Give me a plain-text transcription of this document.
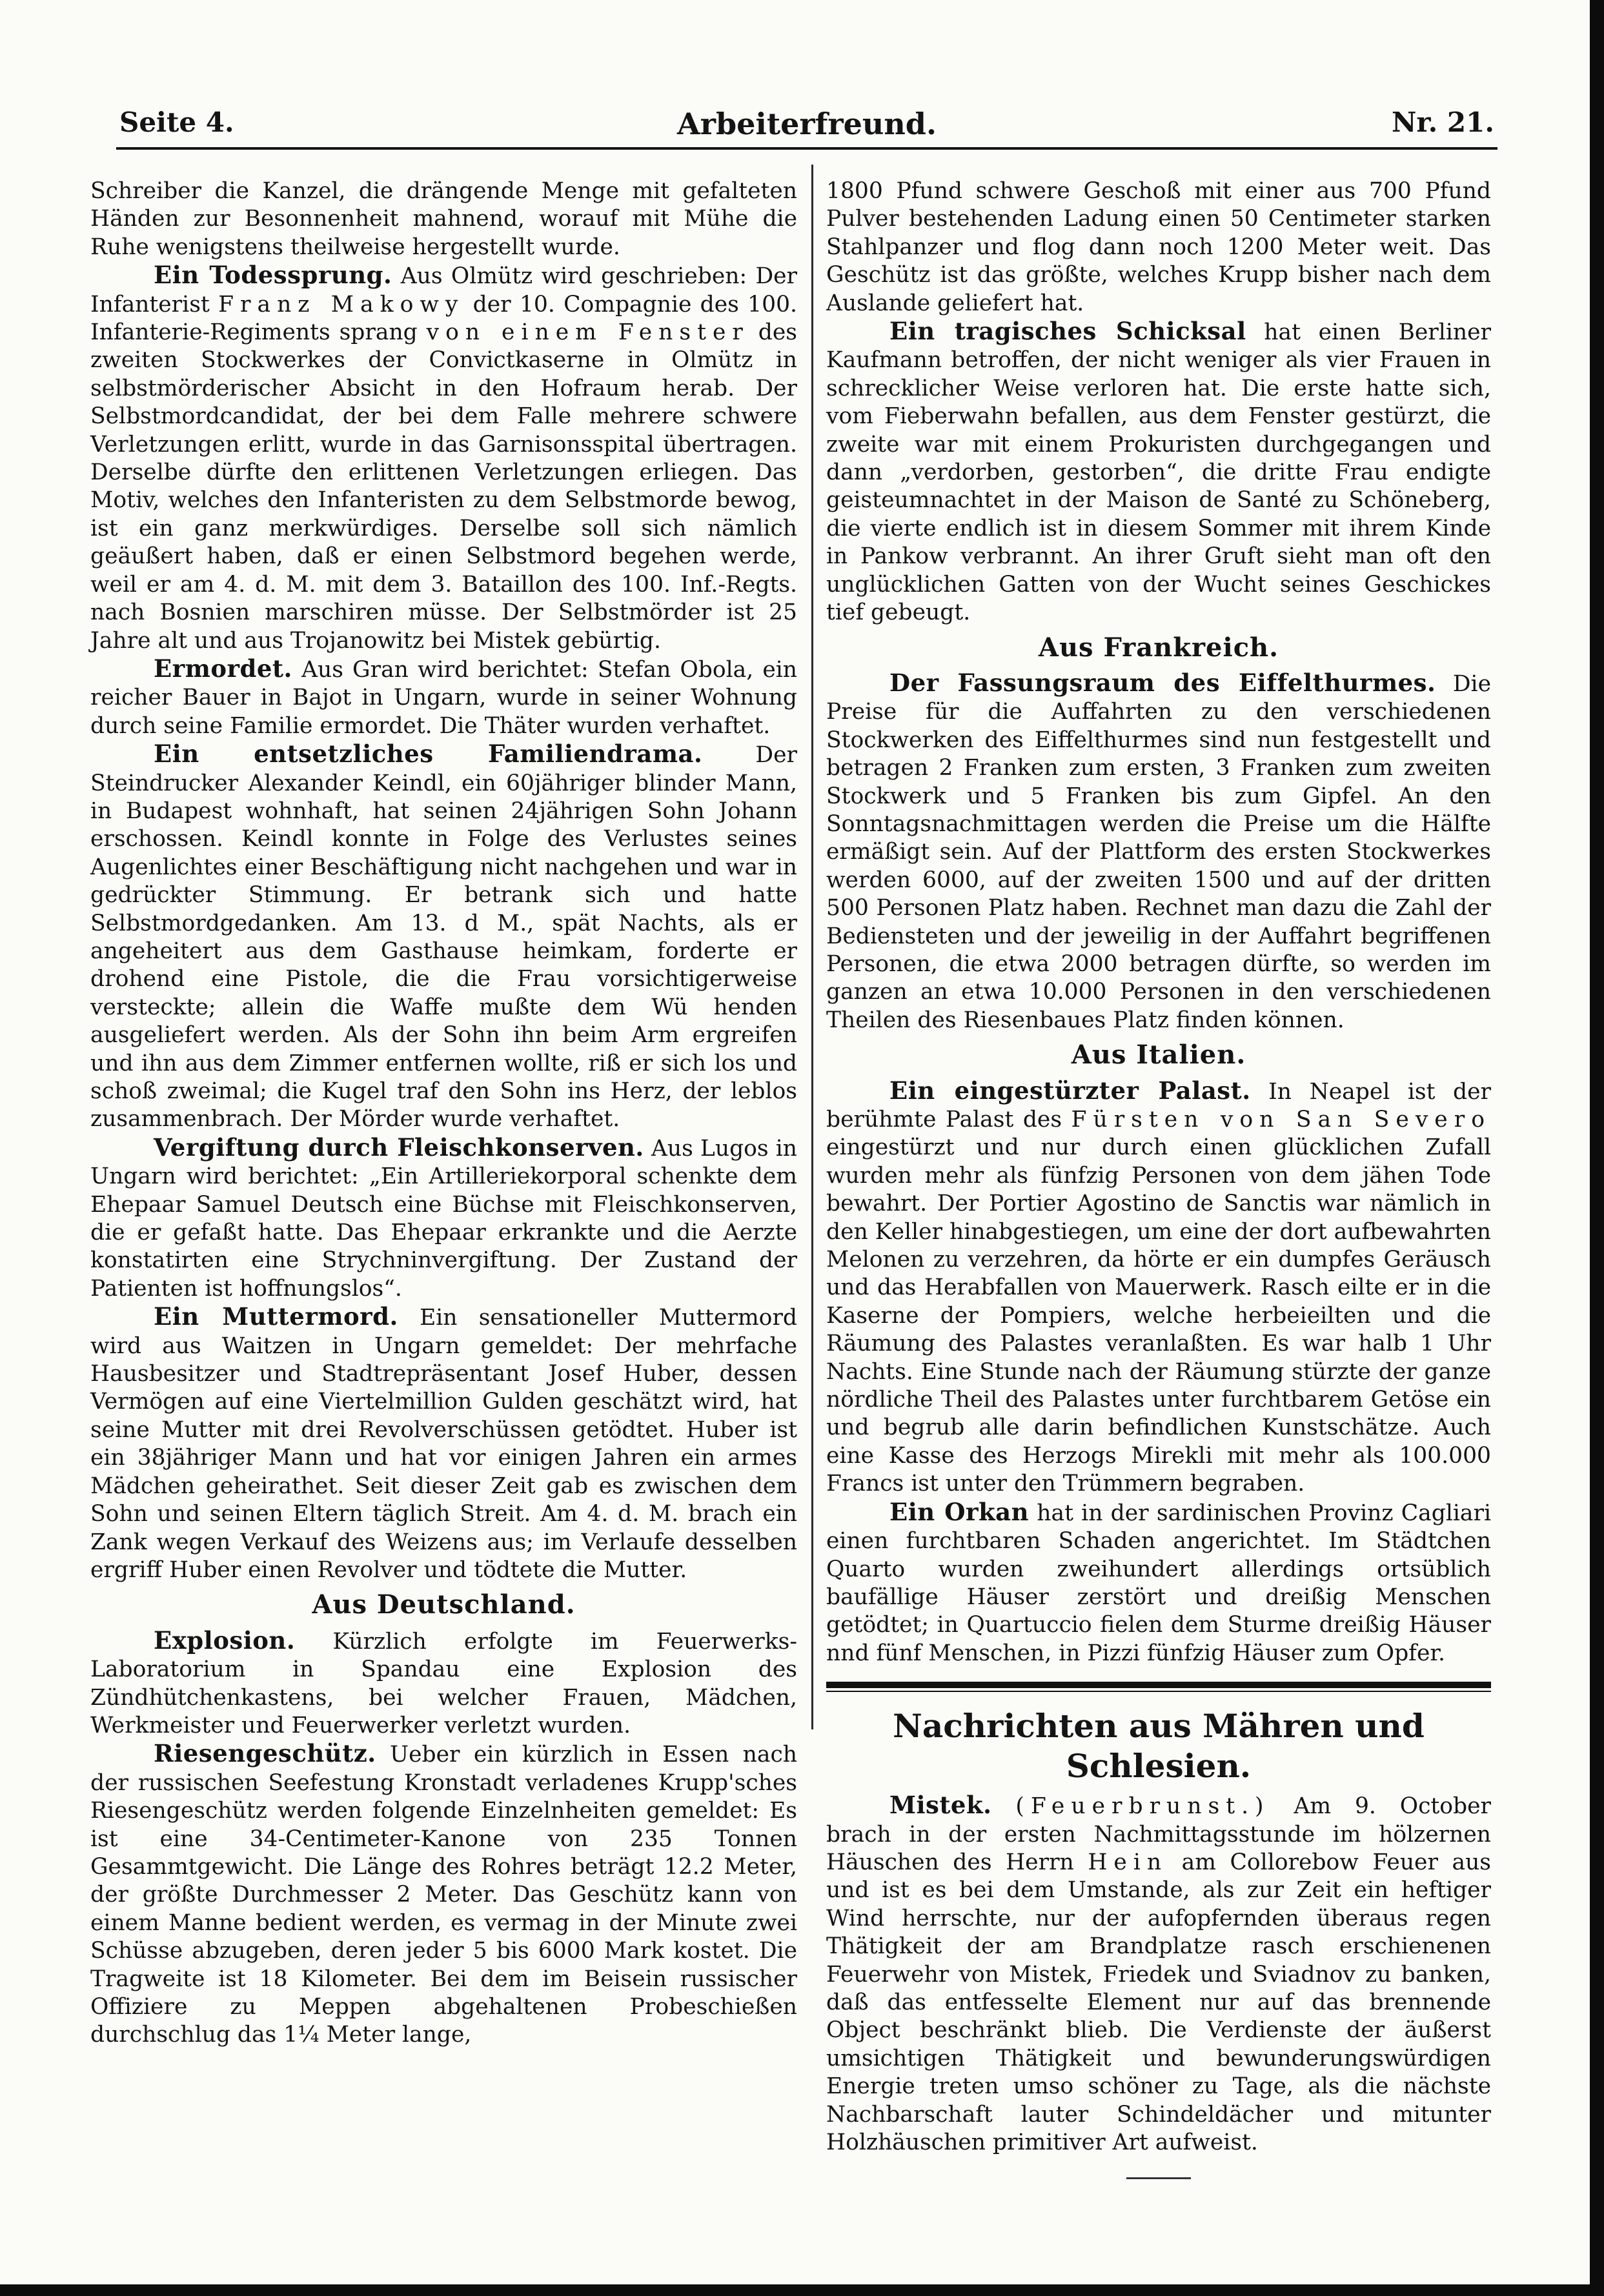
Seite 4.	Arbeiterfreund.	Nr. 21.

Schreiber die Kanzel, die drängende Menge mit gefalteten Händen zur Besonnenheit mahnend, worauf mit Mühe die Ruhe wenigstens theilweise hergestellt wurde.

Ein Todessprung. Aus Olmütz wird geschrieben: Der Infanterist Franz Makowy der 10. Compagnie des 100. Infanterie-Regiments sprang von einem Fenster des zweiten Stockwerkes der Convictkaserne in Olmütz in selbstmörderischer Absicht in den Hofraum herab. Der Selbstmordcandidat, der bei dem Falle mehrere schwere Verletzungen erlitt, wurde in das Garnisonsspital übertragen. Derselbe dürfte den erlittenen Verletzungen erliegen. Das Motiv, welches den Infanteristen zu dem Selbstmorde bewog, ist ein ganz merkwürdiges. Derselbe soll sich nämlich geäußert haben, daß er einen Selbstmord begehen werde, weil er am 4. d. M. mit dem 3. Bataillon des 100. Inf.-Regts. nach Bosnien marschiren müsse. Der Selbstmörder ist 25 Jahre alt und aus Trojanowitz bei Mistek gebürtig.

Ermordet. Aus Gran wird berichtet: Stefan Obola, ein reicher Bauer in Bajot in Ungarn, wurde in seiner Wohnung durch seine Familie ermordet. Die Thäter wurden verhaftet.

Ein entsetzliches Familiendrama. Der Steindrucker Alexander Keindl, ein 60jähriger blinder Mann, in Budapest wohnhaft, hat seinen 24jährigen Sohn Johann erschossen. Keindl konnte in Folge des Verlustes seines Augenlichtes einer Beschäftigung nicht nachgehen und war in gedrückter Stimmung. Er betrank sich und hatte Selbstmordgedanken. Am 13. d M., spät Nachts, als er angeheitert aus dem Gasthause heimkam, forderte er drohend eine Pistole, die die Frau vorsichtigerweise versteckte; allein die Waffe mußte dem Wü henden ausgeliefert werden. Als der Sohn ihn beim Arm ergreifen und ihn aus dem Zimmer entfernen wollte, riß er sich los und schoß zweimal; die Kugel traf den Sohn ins Herz, der leblos zusammenbrach. Der Mörder wurde verhaftet.

Vergiftung durch Fleischkonserven. Aus Lugos in Ungarn wird berichtet: „Ein Artilleriekorporal schenkte dem Ehepaar Samuel Deutsch eine Büchse mit Fleischkonserven, die er gefaßt hatte. Das Ehepaar erkrankte und die Aerzte konstatirten eine Strychninvergiftung. Der Zustand der Patienten ist hoffnungslos“.

Ein Muttermord. Ein sensationeller Muttermord wird aus Waitzen in Ungarn gemeldet: Der mehrfache Hausbesitzer und Stadtrepräsentant Josef Huber, dessen Vermögen auf eine Viertelmillion Gulden geschätzt wird, hat seine Mutter mit drei Revolverschüssen getödtet. Huber ist ein 38jähriger Mann und hat vor einigen Jahren ein armes Mädchen geheirathet. Seit dieser Zeit gab es zwischen dem Sohn und seinen Eltern täglich Streit. Am 4. d. M. brach ein Zank wegen Verkauf des Weizens aus; im Verlaufe desselben ergriff Huber einen Revolver und tödtete die Mutter.

Aus Deutschland.

Explosion. Kürzlich erfolgte im Feuerwerks-Laboratorium in Spandau eine Explosion des Zündhütchenkastens, bei welcher Frauen, Mädchen, Werkmeister und Feuerwerker verletzt wurden.

Riesengeschütz. Ueber ein kürzlich in Essen nach der russischen Seefestung Kronstadt verladenes Krupp'sches Riesengeschütz werden folgende Einzelnheiten gemeldet: Es ist eine 34-Centimeter-Kanone von 235 Tonnen Gesammtgewicht. Die Länge des Rohres beträgt 12.2 Meter, der größte Durchmesser 2 Meter. Das Geschütz kann von einem Manne bedient werden, es vermag in der Minute zwei Schüsse abzugeben, deren jeder 5 bis 6000 Mark kostet. Die Tragweite ist 18 Kilometer. Bei dem im Beisein russischer Offiziere zu Meppen abgehaltenen Probeschießen durchschlug das 1¼ Meter lange,

1800 Pfund schwere Geschoß mit einer aus 700 Pfund Pulver bestehenden Ladung einen 50 Centimeter starken Stahlpanzer und flog dann noch 1200 Meter weit. Das Geschütz ist das größte, welches Krupp bisher nach dem Auslande geliefert hat.

Ein tragisches Schicksal hat einen Berliner Kaufmann betroffen, der nicht weniger als vier Frauen in schrecklicher Weise verloren hat. Die erste hatte sich, vom Fieberwahn befallen, aus dem Fenster gestürzt, die zweite war mit einem Prokuristen durchgegangen und dann „verdorben, gestorben“, die dritte Frau endigte geisteumnachtet in der Maison de Santé zu Schöneberg, die vierte endlich ist in diesem Sommer mit ihrem Kinde in Pankow verbrannt. An ihrer Gruft sieht man oft den unglücklichen Gatten von der Wucht seines Geschickes tief gebeugt.

Aus Frankreich.

Der Fassungsraum des Eiffelthurmes. Die Preise für die Auffahrten zu den verschiedenen Stockwerken des Eiffelthurmes sind nun festgestellt und betragen 2 Franken zum ersten, 3 Franken zum zweiten Stockwerk und 5 Franken bis zum Gipfel. An den Sonntagsnachmittagen werden die Preise um die Hälfte ermäßigt sein. Auf der Plattform des ersten Stockwerkes werden 6000, auf der zweiten 1500 und auf der dritten 500 Personen Platz haben. Rechnet man dazu die Zahl der Bediensteten und der jeweilig in der Auffahrt begriffenen Personen, die etwa 2000 betragen dürfte, so werden im ganzen an etwa 10.000 Personen in den verschiedenen Theilen des Riesenbaues Platz finden können.

Aus Italien.

Ein eingestürzter Palast. In Neapel ist der berühmte Palast des Fürsten von San Severo eingestürzt und nur durch einen glücklichen Zufall wurden mehr als fünfzig Personen von dem jähen Tode bewahrt. Der Portier Agostino de Sanctis war nämlich in den Keller hinabgestiegen, um eine der dort aufbewahrten Melonen zu verzehren, da hörte er ein dumpfes Geräusch und das Herabfallen von Mauerwerk. Rasch eilte er in die Kaserne der Pompiers, welche herbeieilten und die Räumung des Palastes veranlaßten. Es war halb 1 Uhr Nachts. Eine Stunde nach der Räumung stürzte der ganze nördliche Theil des Palastes unter furchtbarem Getöse ein und begrub alle darin befindlichen Kunstschätze. Auch eine Kasse des Herzogs Mirekli mit mehr als 100.000 Francs ist unter den Trümmern begraben.

Ein Orkan hat in der sardinischen Provinz Cagliari einen furchtbaren Schaden angerichtet. Im Städtchen Quarto wurden zweihundert allerdings ortsüblich baufällige Häuser zerstört und dreißig Menschen getödtet; in Quartuccio fielen dem Sturme dreißig Häuser nnd fünf Menschen, in Pizzi fünfzig Häuser zum Opfer.

Nachrichten aus Mähren und Schlesien.

Mistek. (Feuerbrunst.) Am 9. October brach in der ersten Nachmittagsstunde im hölzernen Häuschen des Herrn Hein am Collorebow Feuer aus und ist es bei dem Umstande, als zur Zeit ein heftiger Wind herrschte, nur der aufopfernden überaus regen Thätigkeit der am Brandplatze rasch erschienenen Feuerwehr von Mistek, Friedek und Sviadnov zu banken, daß das entfesselte Element nur auf das brennende Object beschränkt blieb. Die Verdienste der äußerst umsichtigen Thätigkeit und bewunderungswürdigen Energie treten umso schöner zu Tage, als die nächste Nachbarschaft lauter Schindeldächer und mitunter Holzhäuschen primitiver Art aufweist.
